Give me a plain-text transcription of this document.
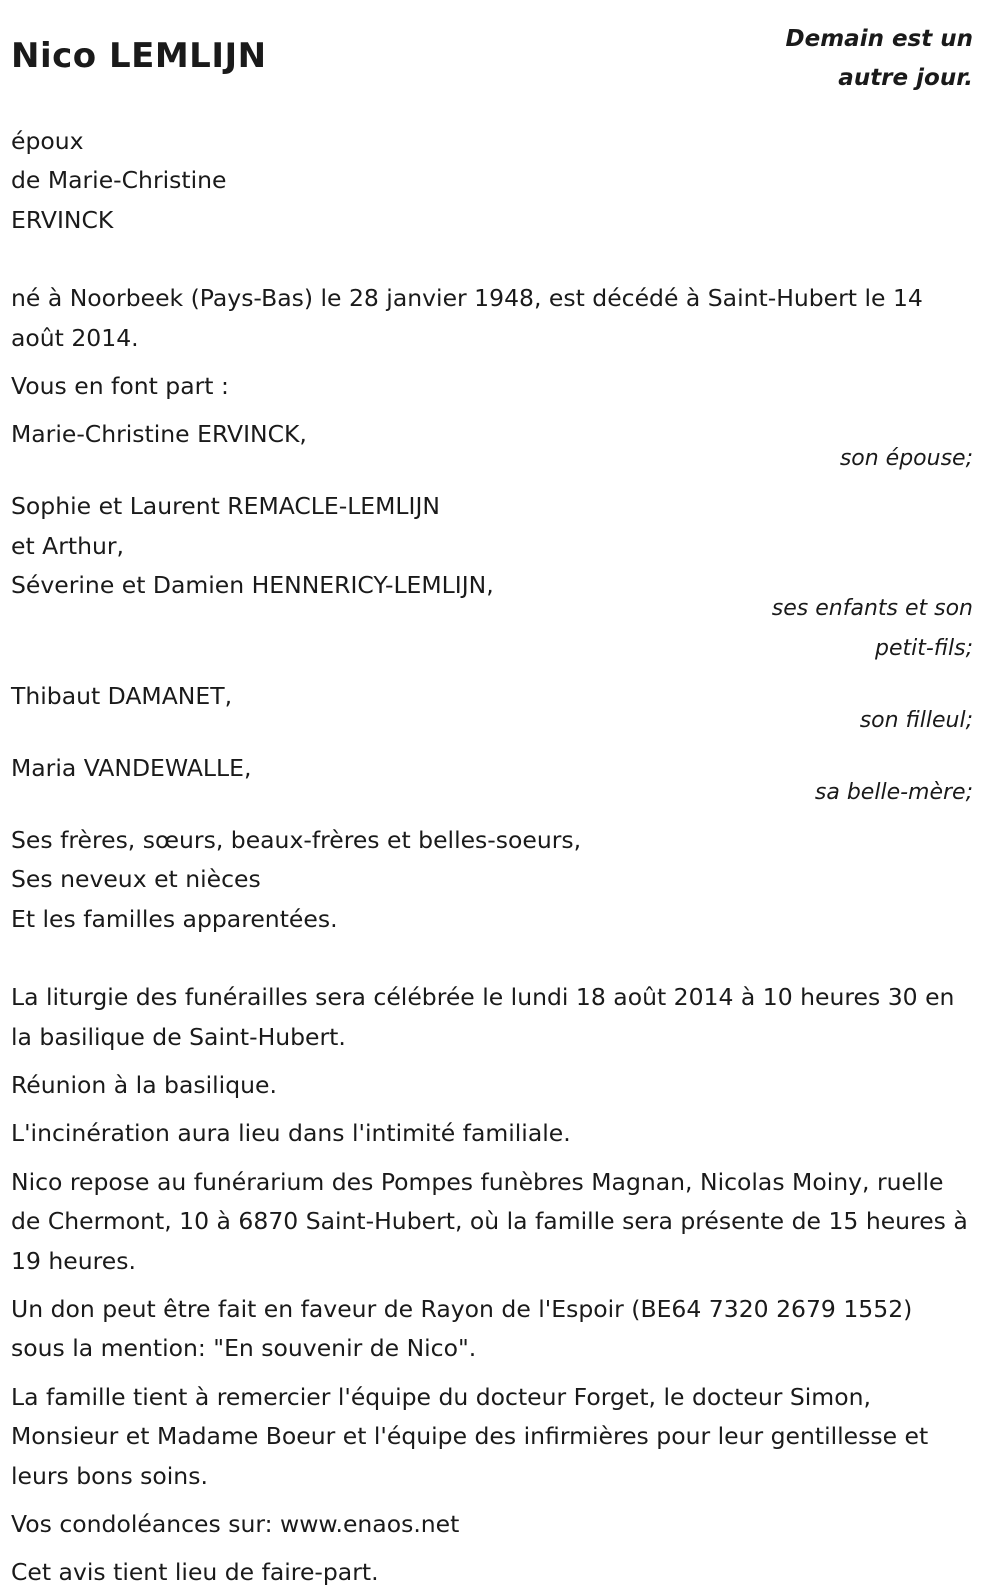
Nico LEMLIJN	Demain est un
autre jour.
époux
de Marie-Christine
ERVINCK
né à Noorbeek (Pays-Bas) le 28 janvier 1948, est décédé à Saint-Hubert le 14 août 2014.
Vous en font part :
Marie-Christine ERVINCK,
son épouse;
Sophie et Laurent REMACLE-LEMLIJN
et Arthur,
Séverine et Damien HENNERICY-LEMLIJN,
ses enfants et son petit-fils;
Thibaut DAMANET,
son filleul;
Maria VANDEWALLE,
sa belle-mère;
Ses frères, sœurs, beaux-frères et belles-soeurs,
Ses neveux et nièces
Et les familles apparentées.
La liturgie des funérailles sera célébrée le lundi 18 août 2014 à 10 heures 30 en la basilique de Saint-Hubert.
Réunion à la basilique.
L'incinération aura lieu dans l'intimité familiale.
Nico repose au funérarium des Pompes funèbres Magnan, Nicolas Moiny, ruelle de Chermont, 10 à 6870 Saint-Hubert, où la famille sera présente de 15 heures à 19 heures.
Un don peut être fait en faveur de Rayon de l'Espoir (BE64 7320 2679 1552) sous la mention: "En souvenir de Nico".
La famille tient à remercier l'équipe du docteur Forget, le docteur Simon, Monsieur et Madame Boeur et l'équipe des infirmières pour leur gentillesse et leurs bons soins.
Vos condoléances sur: www.enaos.net
Cet avis tient lieu de faire-part.
